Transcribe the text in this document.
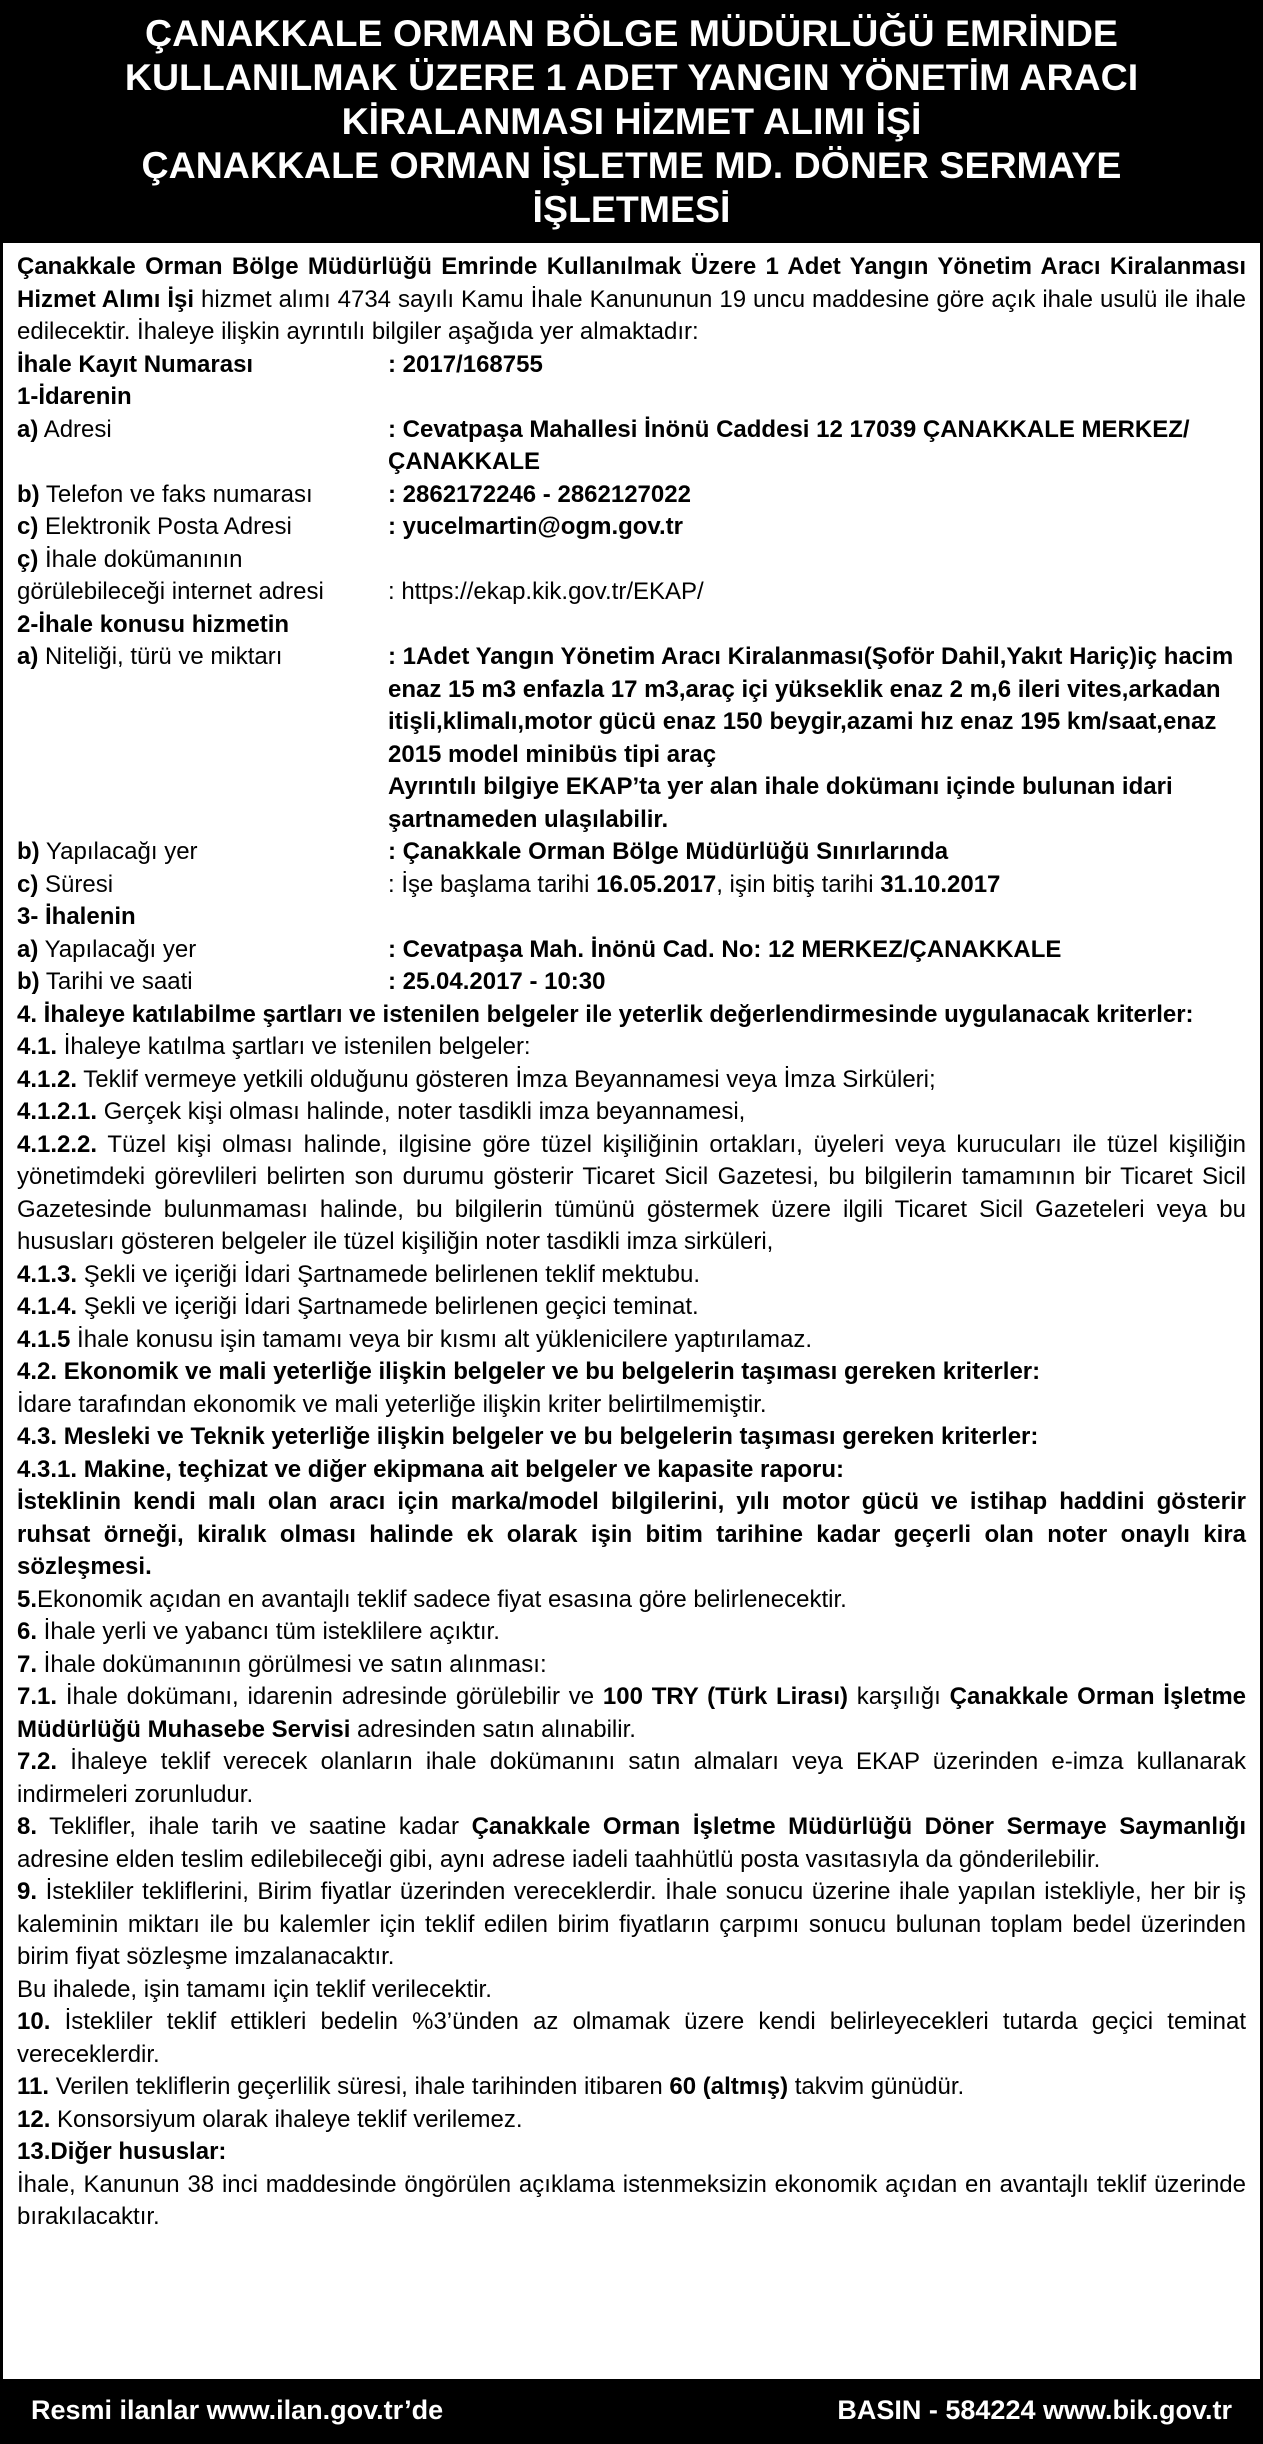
ÇANAKKALE ORMAN BÖLGE MÜDÜRLÜĞÜ EMRİNDE
KULLANILMAK ÜZERE 1 ADET YANGIN YÖNETİM ARACI
KİRALANMASI HİZMET ALIMI İŞİ
ÇANAKKALE ORMAN İŞLETME MD. DÖNER SERMAYE
İŞLETMESİ

Çanakkale Orman Bölge Müdürlüğü Emrinde Kullanılmak Üzere 1 Adet Yangın Yönetim Aracı Kiralanması Hizmet Alımı İşi hizmet alımı 4734 sayılı Kamu İhale Kanununun 19 uncu maddesine göre açık ihale usulü ile ihale edilecektir. İhaleye ilişkin ayrıntılı bilgiler aşağıda yer almaktadır:

İhale Kayıt Numarası	: 2017/168755

1-İdarenin

a) Adresi	: Cevatpaşa Mahallesi İnönü Caddesi 12 17039 ÇANAKKALE MERKEZ/ÇANAKKALE
b) Telefon ve faks numarası	: 2862172246 - 2862127022
c) Elektronik Posta Adresi	: yucelmartin@ogm.gov.tr

ç) İhale dokümanının

görülebileceği internet adresi	: https://ekap.kik.gov.tr/EKAP/

2-İhale konusu hizmetin

a) Niteliği, türü ve miktarı	: 1Adet Yangın Yönetim Aracı Kiralanması(Şoför Dahil,Yakıt Hariç)iç hacim enaz 15 m3 enfazla 17 m3,araç içi yükseklik enaz 2 m,6 ileri vites,arkadan itişli,klimalı,motor gücü enaz 150 beygir,azami hız enaz 195 km/saat,enaz 2015 model minibüs tipi araç
Ayrıntılı bilgiye EKAP’ta yer alan ihale dokümanı içinde bulunan idari şartnameden ulaşılabilir.
b) Yapılacağı yer	: Çanakkale Orman Bölge Müdürlüğü Sınırlarında
c) Süresi	: İşe başlama tarihi 16.05.2017, işin bitiş tarihi 31.10.2017

3- İhalenin

a) Yapılacağı yer	: Cevatpaşa Mah. İnönü Cad. No: 12 MERKEZ/ÇANAKKALE
b) Tarihi ve saati	: 25.04.2017 - 10:30

4. İhaleye katılabilme şartları ve istenilen belgeler ile yeterlik değerlendirmesinde uygulanacak kriterler:

4.1. İhaleye katılma şartları ve istenilen belgeler:

4.1.2. Teklif vermeye yetkili olduğunu gösteren İmza Beyannamesi veya İmza Sirküleri;

4.1.2.1. Gerçek kişi olması halinde, noter tasdikli imza beyannamesi,

4.1.2.2. Tüzel kişi olması halinde, ilgisine göre tüzel kişiliğinin ortakları, üyeleri veya kurucuları ile tüzel kişiliğin yönetimdeki görevlileri belirten son durumu gösterir Ticaret Sicil Gazetesi, bu bilgilerin tamamının bir Ticaret Sicil Gazetesinde bulunmaması halinde, bu bilgilerin tümünü göstermek üzere ilgili Ticaret Sicil Gazeteleri veya bu hususları gösteren belgeler ile tüzel kişiliğin noter tasdikli imza sirküleri,

4.1.3. Şekli ve içeriği İdari Şartnamede belirlenen teklif mektubu.

4.1.4. Şekli ve içeriği İdari Şartnamede belirlenen geçici teminat.

4.1.5 İhale konusu işin tamamı veya bir kısmı alt yüklenicilere yaptırılamaz.

4.2. Ekonomik ve mali yeterliğe ilişkin belgeler ve bu belgelerin taşıması gereken kriterler:

İdare tarafından ekonomik ve mali yeterliğe ilişkin kriter belirtilmemiştir.

4.3. Mesleki ve Teknik yeterliğe ilişkin belgeler ve bu belgelerin taşıması gereken kriterler:

4.3.1. Makine, teçhizat ve diğer ekipmana ait belgeler ve kapasite raporu:

İsteklinin kendi malı olan aracı için marka/model bilgilerini, yılı motor gücü ve istihap haddini gösterir ruhsat örneği, kiralık olması halinde ek olarak işin bitim tarihine kadar geçerli olan noter onaylı kira sözleşmesi.

5.Ekonomik açıdan en avantajlı teklif sadece fiyat esasına göre belirlenecektir.

6. İhale yerli ve yabancı tüm isteklilere açıktır.

7. İhale dokümanının görülmesi ve satın alınması:

7.1. İhale dokümanı, idarenin adresinde görülebilir ve 100 TRY (Türk Lirası) karşılığı Çanakkale Orman İşletme Müdürlüğü Muhasebe Servisi adresinden satın alınabilir.

7.2. İhaleye teklif verecek olanların ihale dokümanını satın almaları veya EKAP üzerinden e-imza kullanarak indirmeleri zorunludur.

8. Teklifler, ihale tarih ve saatine kadar Çanakkale Orman İşletme Müdürlüğü Döner Sermaye Saymanlığı adresine elden teslim edilebileceği gibi, aynı adrese iadeli taahhütlü posta vasıtasıyla da gönderilebilir.

9. İstekliler tekliflerini, Birim fiyatlar üzerinden vereceklerdir. İhale sonucu üzerine ihale yapılan istekliyle, her bir iş kaleminin miktarı ile bu kalemler için teklif edilen birim fiyatların çarpımı sonucu bulunan toplam bedel üzerinden birim fiyat sözleşme imzalanacaktır.

Bu ihalede, işin tamamı için teklif verilecektir.

10. İstekliler teklif ettikleri bedelin %3’ünden az olmamak üzere kendi belirleyecekleri tutarda geçici teminat vereceklerdir.

11. Verilen tekliflerin geçerlilik süresi, ihale tarihinden itibaren 60 (altmış) takvim günüdür.

12. Konsorsiyum olarak ihaleye teklif verilemez.

13.Diğer hususlar:

İhale, Kanunun 38 inci maddesinde öngörülen açıklama istenmeksizin ekonomik açıdan en avantajlı teklif üzerinde bırakılacaktır.

Resmi ilanlar www.ilan.gov.tr’de	BASIN - 584224 www.bik.gov.tr
